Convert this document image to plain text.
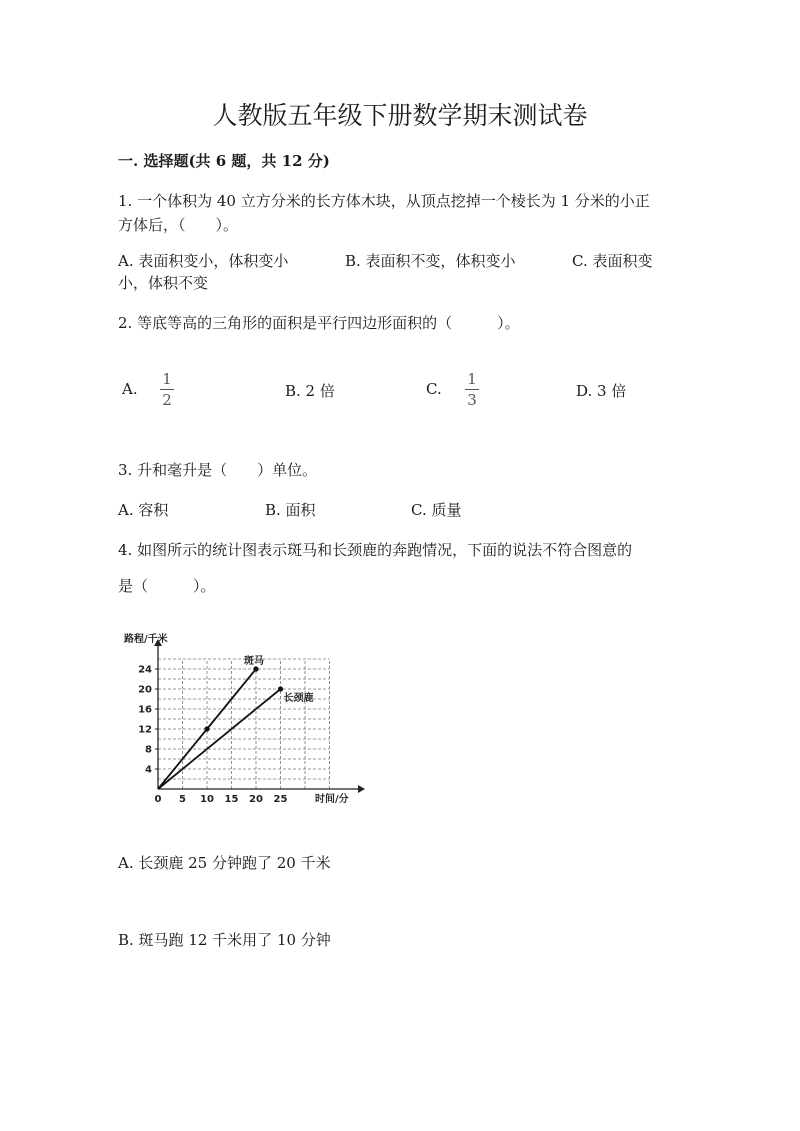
人教版五年级下册数学期末测试卷
一. 选择题(共 6 题，共 12 分)
1. 一个体积为 40 立方分米的长方体木块，从顶点挖掉一个棱长为 1 分米的小正
方体后，（　　）。
A. 表面积变小，体积变小	B. 表面积不变，体积变小	C. 表面积变
小，体积不变
2. 等底等高的三角形的面积是平行四边形面积的（　　　）。
A.
1
2	B. 2 倍	C.
1
3	D. 3 倍
3. 升和毫升是（　　）单位。
A. 容积	B. 面积	C. 质量
4. 如图所示的统计图表示斑马和长颈鹿的奔跑情况，下面的说法不符合图意的
是（　　　）。
路程/千米
时间/分
0 5 10 15 20 25
4
8
12
16
20
24
斑马
长颈鹿
A. 长颈鹿 25 分钟跑了 20 千米
B. 斑马跑 12 千米用了 10 分钟
